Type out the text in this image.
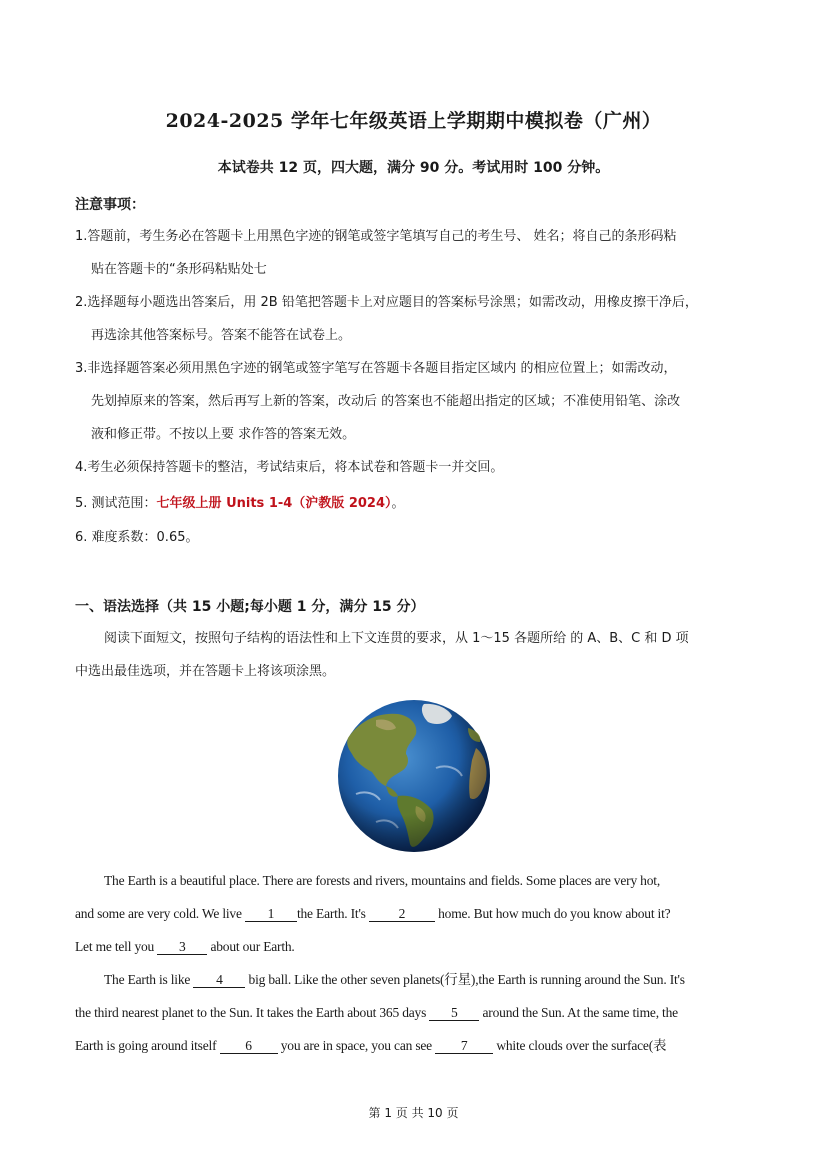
2024-2025 学年七年级英语上学期期中模拟卷（广州）
本试卷共 12 页，四大题，满分 90 分。考试用时 100 分钟。
注意事项：
1.答题前，考生务必在答题卡上用黑色字迹的钢笔或签字笔填写自己的考生号、 姓名；将自己的条形码粘
贴在答题卡的“条形码粘贴处七
2.选择题每小题选出答案后，用 2B 铅笔把答题卡上对应题目的答案标号涂黑；如需改动，用橡皮擦干净后，
再选涂其他答案标号。答案不能答在试卷上。
3.非选择题答案必须用黑色字迹的钢笔或签字笔写在答题卡各题目指定区域内 的相应位置上；如需改动，
先划掉原来的答案，然后再写上新的答案，改动后 的答案也不能超出指定的区域；不准使用铅笔、涂改
液和修正带。不按以上要 求作答的答案无效。
4.考生必须保持答题卡的整洁，考试结束后，将本试卷和答题卡一并交回。
5. 测试范围：七年级上册 Units 1-4（沪教版 2024）。
6. 难度系数：0.65。
一、语法选择（共 15 小题;每小题 1 分，满分 15 分）
阅读下面短文，按照句子结构的语法性和上下文连贯的要求，从 1～15 各题所给 的 A、B、C 和 D 项
中选出最佳选项，并在答题卡上将该项涂黑。
The Earth is a beautiful place. There are forests and rivers, mountains and fields. Some places are very hot,
and some are very cold. We live 1 the Earth. It's 2 home. But how much do you know about it?
Let me tell you 3 about our Earth.
The Earth is like 4 big ball. Like the other seven planets(行星),the Earth is running around the Sun. It's
the third nearest planet to the Sun. It takes the Earth about 365 days 5 around the Sun. At the same time, the
Earth is going around itself 6 you are in space, you can see 7 white clouds over the surface(表
第 1 页 共 10 页
